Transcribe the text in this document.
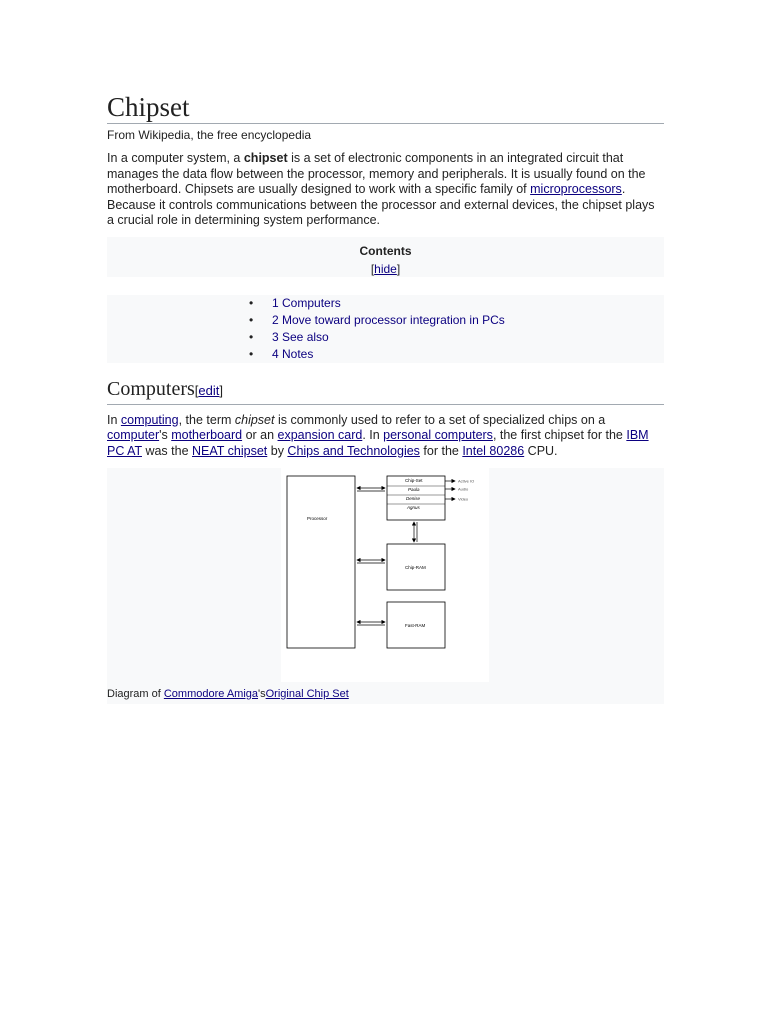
Chipset
From Wikipedia, the free encyclopedia

In a computer system, a chipset is a set of electronic components in an integrated circuit that manages the data flow between the processor, memory and peripherals. It is usually found on the motherboard. Chipsets are usually designed to work with a specific family of microprocessors. Because it controls communications between the processor and external devices, the chipset plays a crucial role in determining system performance.

Contents
[hide]
• 1 Computers
• 2 Move toward processor integration in PCs
• 3 See also
• 4 Notes
Computers[edit]

In computing, the term chipset is commonly used to refer to a set of specialized chips on a computer's motherboard or an expansion card. In personal computers, the first chipset for the IBM PC AT was the NEAT chipset by Chips and Technologies for the Intel 80286 CPU.

Processor
Chip-Set
Paula
Denise
Agnus
Active IO
Audio
Video
Chip-RAM
Fast-RAM
Diagram of Commodore Amiga'sOriginal Chip Set
